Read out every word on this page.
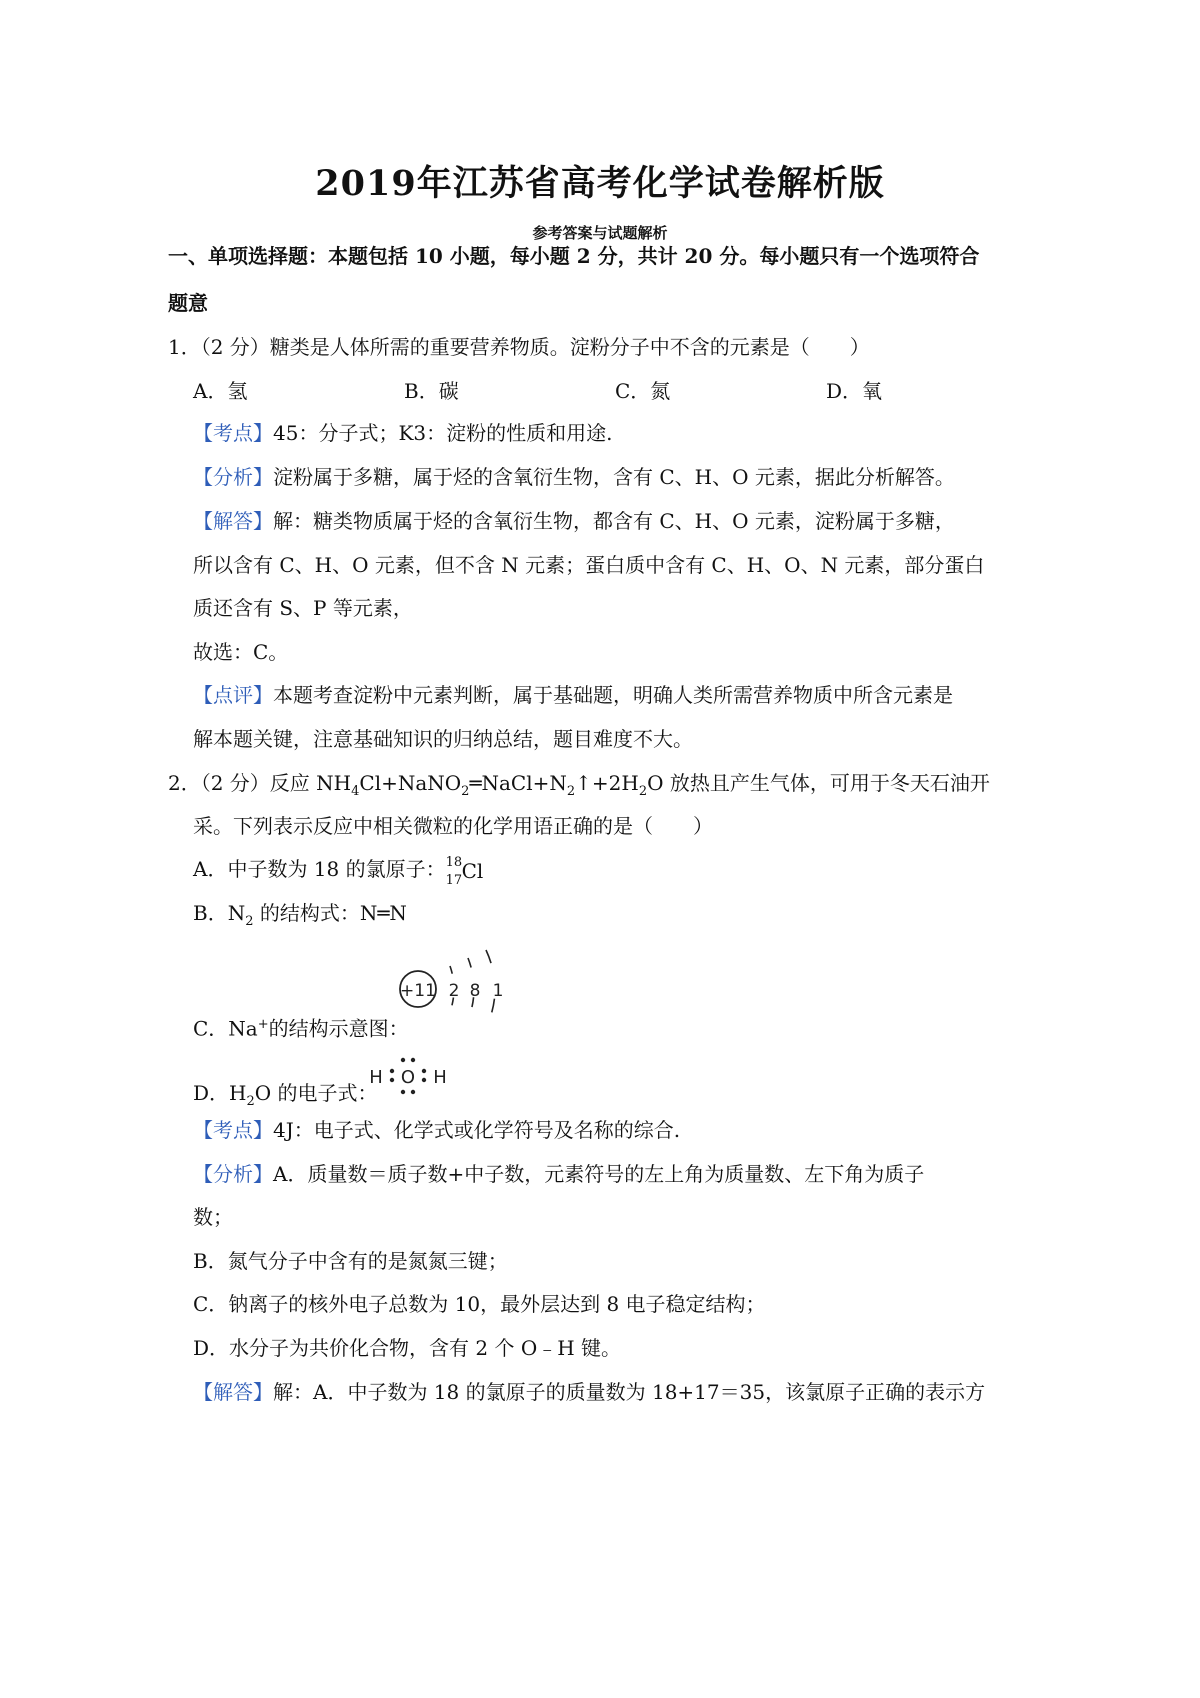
2019年江苏省高考化学试卷解析版
参考答案与试题解析
一、单项选择题：本题包括 10 小题，每小题 2 分，共计 20 分。每小题只有一个选项符合
题意
1．（2 分）糖类是人体所需的重要营养物质。淀粉分子中不含的元素是（　　）
A．氢	B．碳	C．氮	D．氧
【考点】45：分子式；K3：淀粉的性质和用途.
【分析】淀粉属于多糖，属于烃的含氧衍生物，含有 C、H、O 元素，据此分析解答。
【解答】解：糖类物质属于烃的含氧衍生物，都含有 C、H、O 元素，淀粉属于多糖，
所以含有 C、H、O 元素，但不含 N 元素；蛋白质中含有 C、H、O、N 元素，部分蛋白
质还含有 S、P 等元素，
故选：C。
【点评】本题考查淀粉中元素判断，属于基础题，明确人类所需营养物质中所含元素是
解本题关键，注意基础知识的归纳总结，题目难度不大。
2．（2 分）反应 $NH_4Cl+NaNO_2═NaCl+N_2↑+2H_2O$ 放热且产生气体，可用于冬天石油开
采。下列表示反应中相关微粒的化学用语正确的是（　　）
A．中子数为 18 的氯原子： 18
17 Cl
B．$N_2$ 的结构式：N═N
C．Na+的结构示意图：
+11 2 8 1
D．$H_2O$ 的电子式：
H O H
【考点】4J：电子式、化学式或化学符号及名称的综合.
【分析】A．质量数＝质子数+中子数，元素符号的左上角为质量数、左下角为质子
数；
B．氮气分子中含有的是氮氮三键；
C．钠离子的核外电子总数为 10，最外层达到 8 电子稳定结构；
D．水分子为共价化合物，含有 2 个 O﹣H 键。
【解答】解：A．中子数为 18 的氯原子的质量数为 18+17＝35，该氯原子正确的表示方
